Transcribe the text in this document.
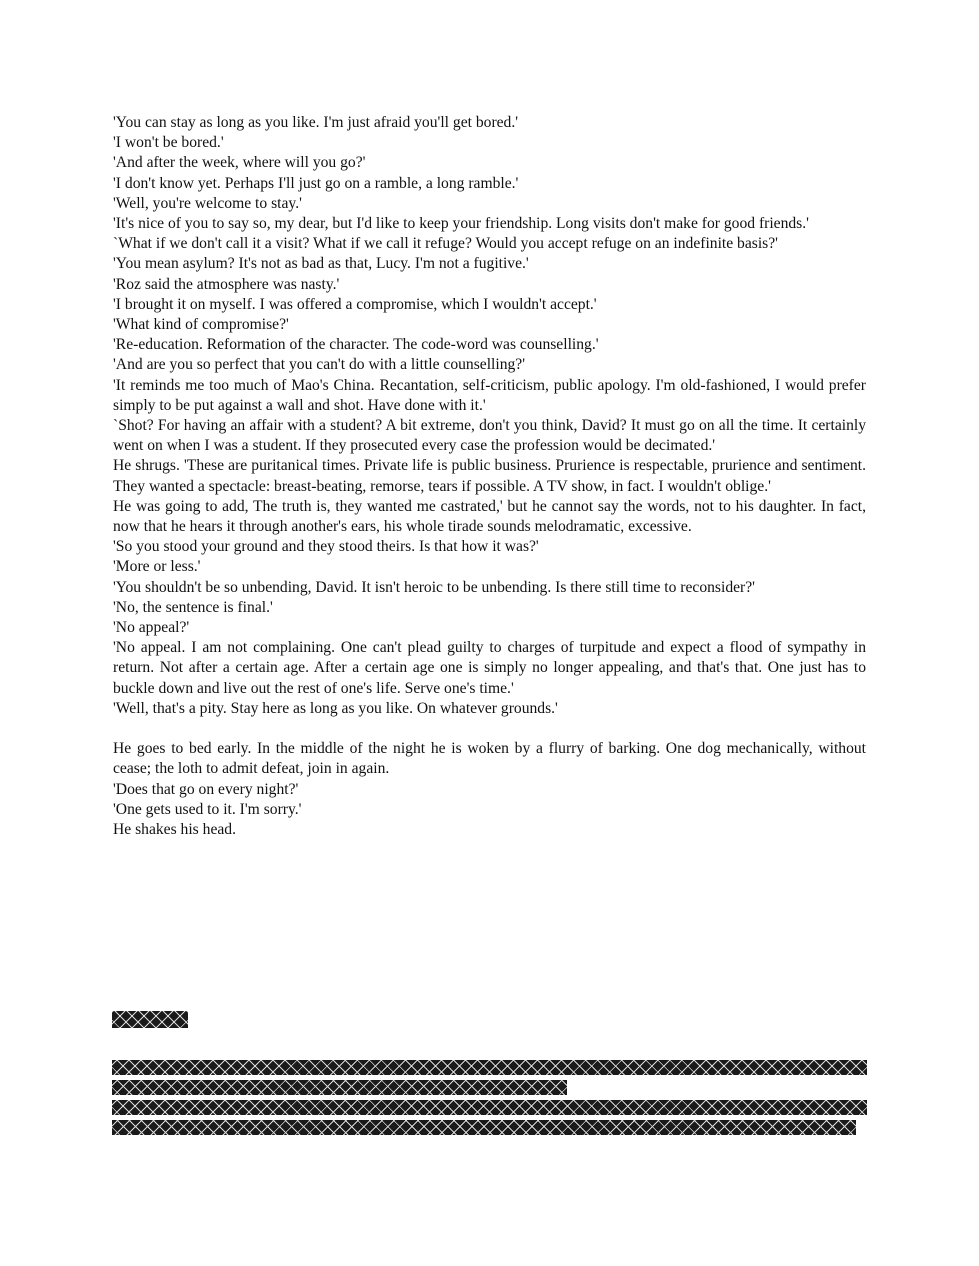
'You can stay as long as you like. I'm just afraid you'll get bored.'

'I won't be bored.'

'And after the week, where will you go?'

'I don't know yet. Perhaps I'll just go on a ramble, a long ramble.'

'Well, you're welcome to stay.'

'It's nice of you to say so, my dear, but I'd like to keep your friendship. Long visits don't make for good friends.'

`What if we don't call it a visit? What if we call it refuge? Would you accept refuge on an indefinite basis?'

'You mean asylum? It's not as bad as that, Lucy. I'm not a fugitive.'

'Roz said the atmosphere was nasty.'

'I brought it on myself. I was offered a compromise, which I wouldn't accept.'

'What kind of compromise?'

'Re-education. Reformation of the character. The code-word was counselling.'

'And are you so perfect that you can't do with a little counselling?'

'It reminds me too much of Mao's China. Recantation, self-criticism, public apology. I'm old-fashioned, I would prefer simply to be put against a wall and shot. Have done with it.'

`Shot? For having an affair with a student? A bit extreme, don't you think, David? It must go on all the time. It certainly went on when I was a student. If they prosecuted every case the profession would be decimated.'

He shrugs. 'These are puritanical times. Private life is public business. Prurience is respectable, prurience and sentiment. They wanted a spectacle: breast-beating, remorse, tears if possible. A TV show, in fact. I wouldn't oblige.'

He was going to add, The truth is, they wanted me castrated,' but he cannot say the words, not to his daughter. In fact, now that he hears it through another's ears, his whole tirade sounds melodramatic, excessive.

'So you stood your ground and they stood theirs. Is that how it was?'

'More or less.'

'You shouldn't be so unbending, David. It isn't heroic to be unbending. Is there still time to reconsider?'

'No, the sentence is final.'

'No appeal?'

'No appeal. I am not complaining. One can't plead guilty to charges of turpitude and expect a flood of sympathy in return. Not after a certain age. After a certain age one is simply no longer appealing, and that's that. One just has to buckle down and live out the rest of one's life. Serve one's time.'

'Well, that's a pity. Stay here as long as you like. On whatever grounds.'

He goes to bed early. In the middle of the night he is woken by a flurry of barking. One dog mechanically, without cease; the loth to admit defeat, join in again.

'Does that go on every night?'

'One gets used to it. I'm sorry.'

He shakes his head.
